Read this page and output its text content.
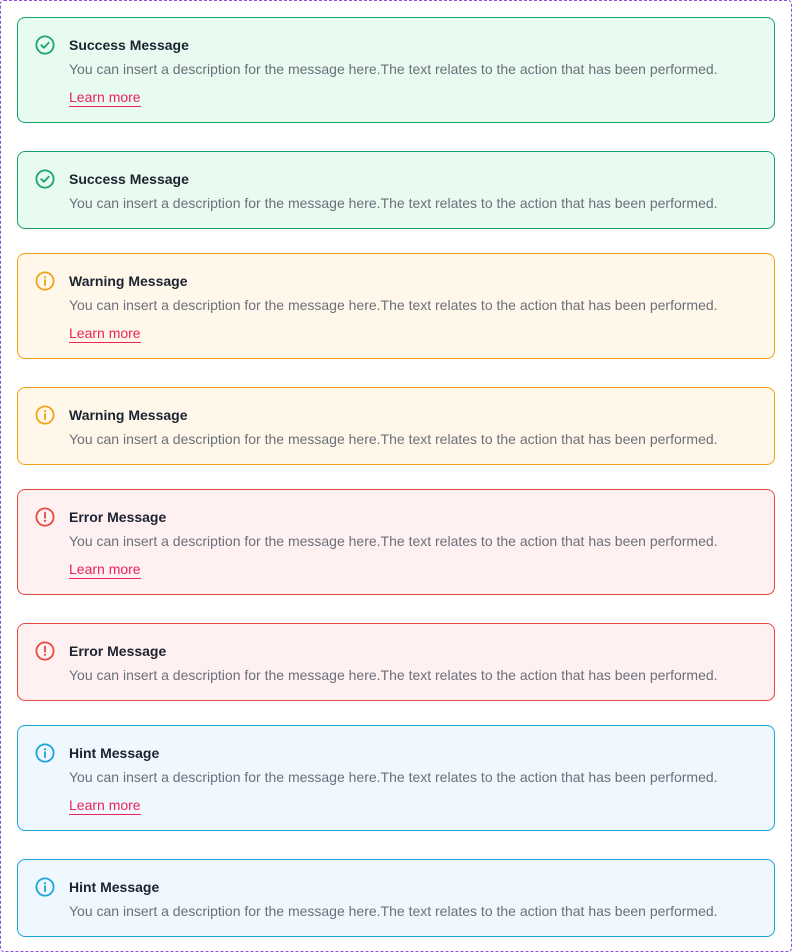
Success Message
You can insert a description for the message here.The text relates to the action that has been performed.
Learn more
Success Message
You can insert a description for the message here.The text relates to the action that has been performed.
Warning Message
You can insert a description for the message here.The text relates to the action that has been performed.
Learn more
Warning Message
You can insert a description for the message here.The text relates to the action that has been performed.
Error Message
You can insert a description for the message here.The text relates to the action that has been performed.
Learn more
Error Message
You can insert a description for the message here.The text relates to the action that has been performed.
Hint Message
You can insert a description for the message here.The text relates to the action that has been performed.
Learn more
Hint Message
You can insert a description for the message here.The text relates to the action that has been performed.
